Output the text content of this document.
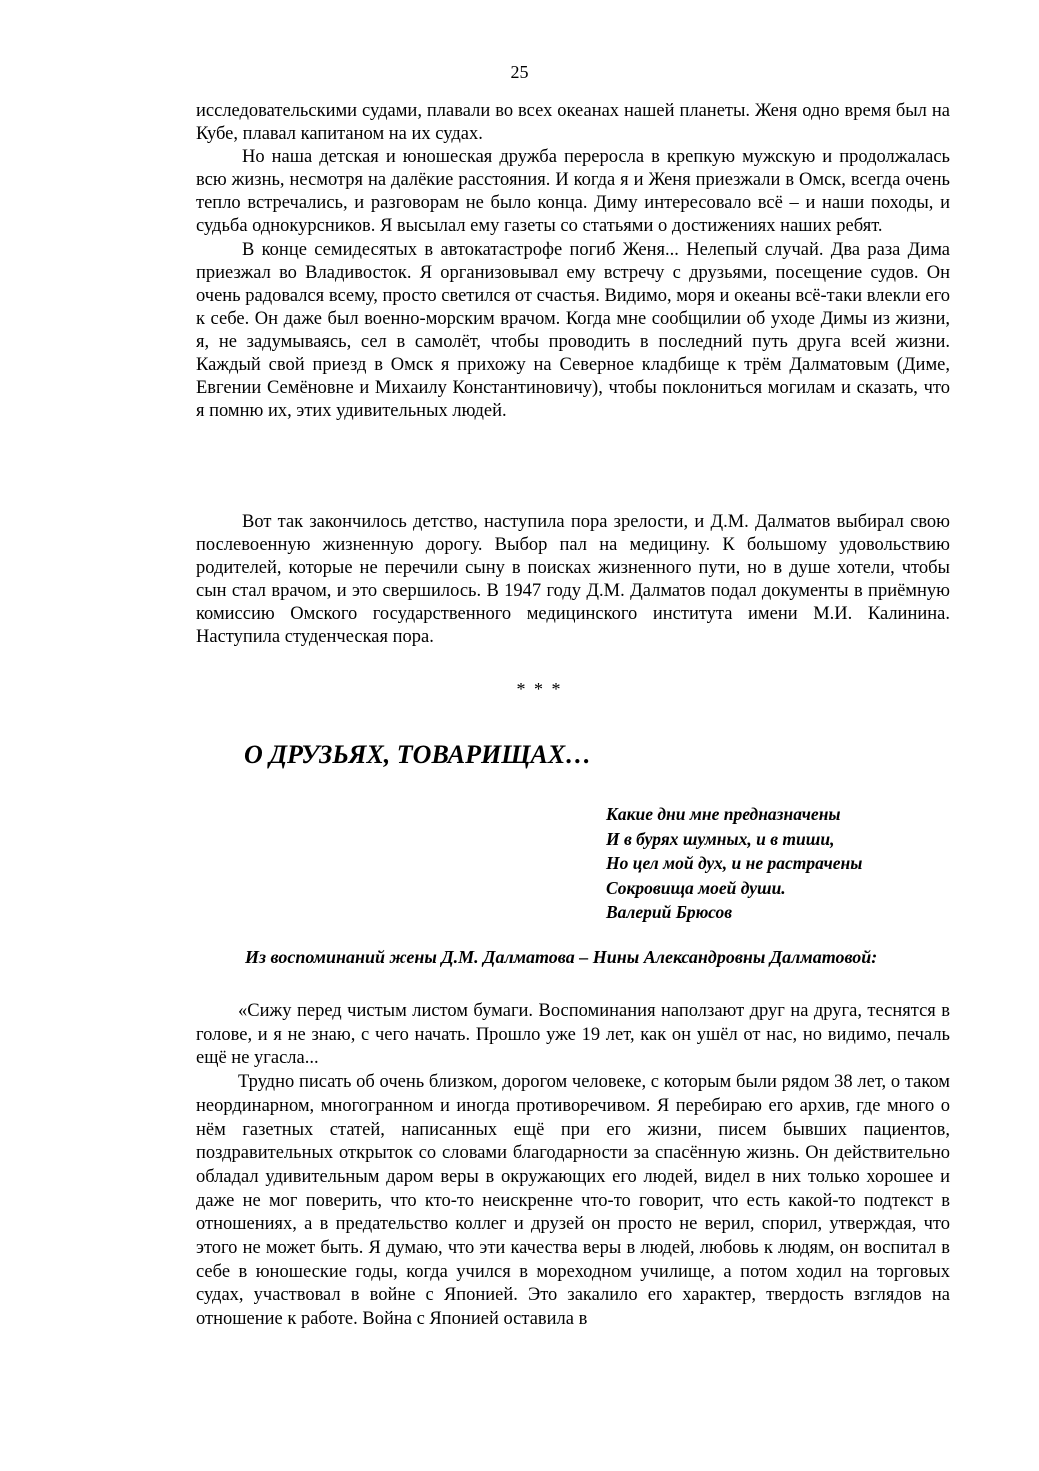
25

исследовательскими судами, плавали во всех океанах нашей планеты. Женя одно время был на Кубе, плавал капитаном на их судах.

Но наша детская и юношеская дружба переросла в крепкую мужскую и продолжалась всю жизнь, несмотря на далёкие расстояния. И когда я и Женя приезжали в Омск, всегда очень тепло встречались, и разговорам не было конца. Диму интересовало всё – и наши походы, и судьба однокурсников. Я высылал ему газеты со статьями о достижениях наших ребят.

В конце семидесятых в автокатастрофе погиб Женя... Нелепый случай. Два раза Дима приезжал во Владивосток. Я организовывал ему встречу с друзьями, посещение судов. Он очень радовался всему, просто светился от счастья. Видимо, моря и океаны всё-таки влекли его к себе. Он даже был военно-морским врачом. Когда мне сообщилии об уходе Димы из жизни, я, не задумываясь, сел в самолёт, чтобы проводить в последний путь друга всей жизни. Каждый свой приезд в Омск я прихожу на Северное кладбище к трём Далматовым (Диме, Евгении Семёновне и Михаилу Константиновичу), чтобы поклониться могилам и сказать, что я помню их, этих удивительных людей.

Вот так закончилось детство, наступила пора зрелости, и Д.М. Далматов выбирал свою послевоенную жизненную дорогу. Выбор пал на медицину. К большому удовольствию родителей, которые не перечили сыну в поисках жизненного пути, но в душе хотели, чтобы сын стал врачом, и это свершилось. В 1947 году Д.М. Далматов подал документы в приёмную комиссию Омского государственного медицинского института имени М.И. Калинина. Наступила студенческая пора.

* * *
О ДРУЗЬЯХ, ТОВАРИЩАХ…
Какие дни мне предназначены
И в бурях шумных, и в тиши,
Но цел мой дух, и не растрачены
Сокровища моей души.
Валерий Брюсов
Из воспоминаний жены Д.М. Далматова – Нины Александровны Далматовой:

«Сижу перед чистым листом бумаги. Воспоминания наползают друг на друга, теснятся в голове, и я не знаю, с чего начать. Прошло уже 19 лет, как он ушёл от нас, но видимо, печаль ещё не угасла...

Трудно писать об очень близком, дорогом человеке, с которым были рядом 38 лет, о таком неординарном, многогранном и иногда противоречивом. Я перебираю его архив, где много о нём газетных статей, написанных ещё при его жизни, писем бывших пациентов, поздравительных открыток со словами благодарности за спасённую жизнь. Он действительно обладал удивительным даром веры в окружающих его людей, видел в них только хорошее и даже не мог поверить, что кто-то неискренне что-то говорит, что есть какой-то подтекст в отношениях, а в предательство коллег и друзей он просто не верил, спорил, утверждая, что этого не может быть. Я думаю, что эти качества веры в людей, любовь к людям, он воспитал в себе в юношеские годы, когда учился в мореходном училище, а потом ходил на торговых судах, участвовал в войне с Японией. Это закалило его характер, твердость взглядов на отношение к работе. Война с Японией оставила в
